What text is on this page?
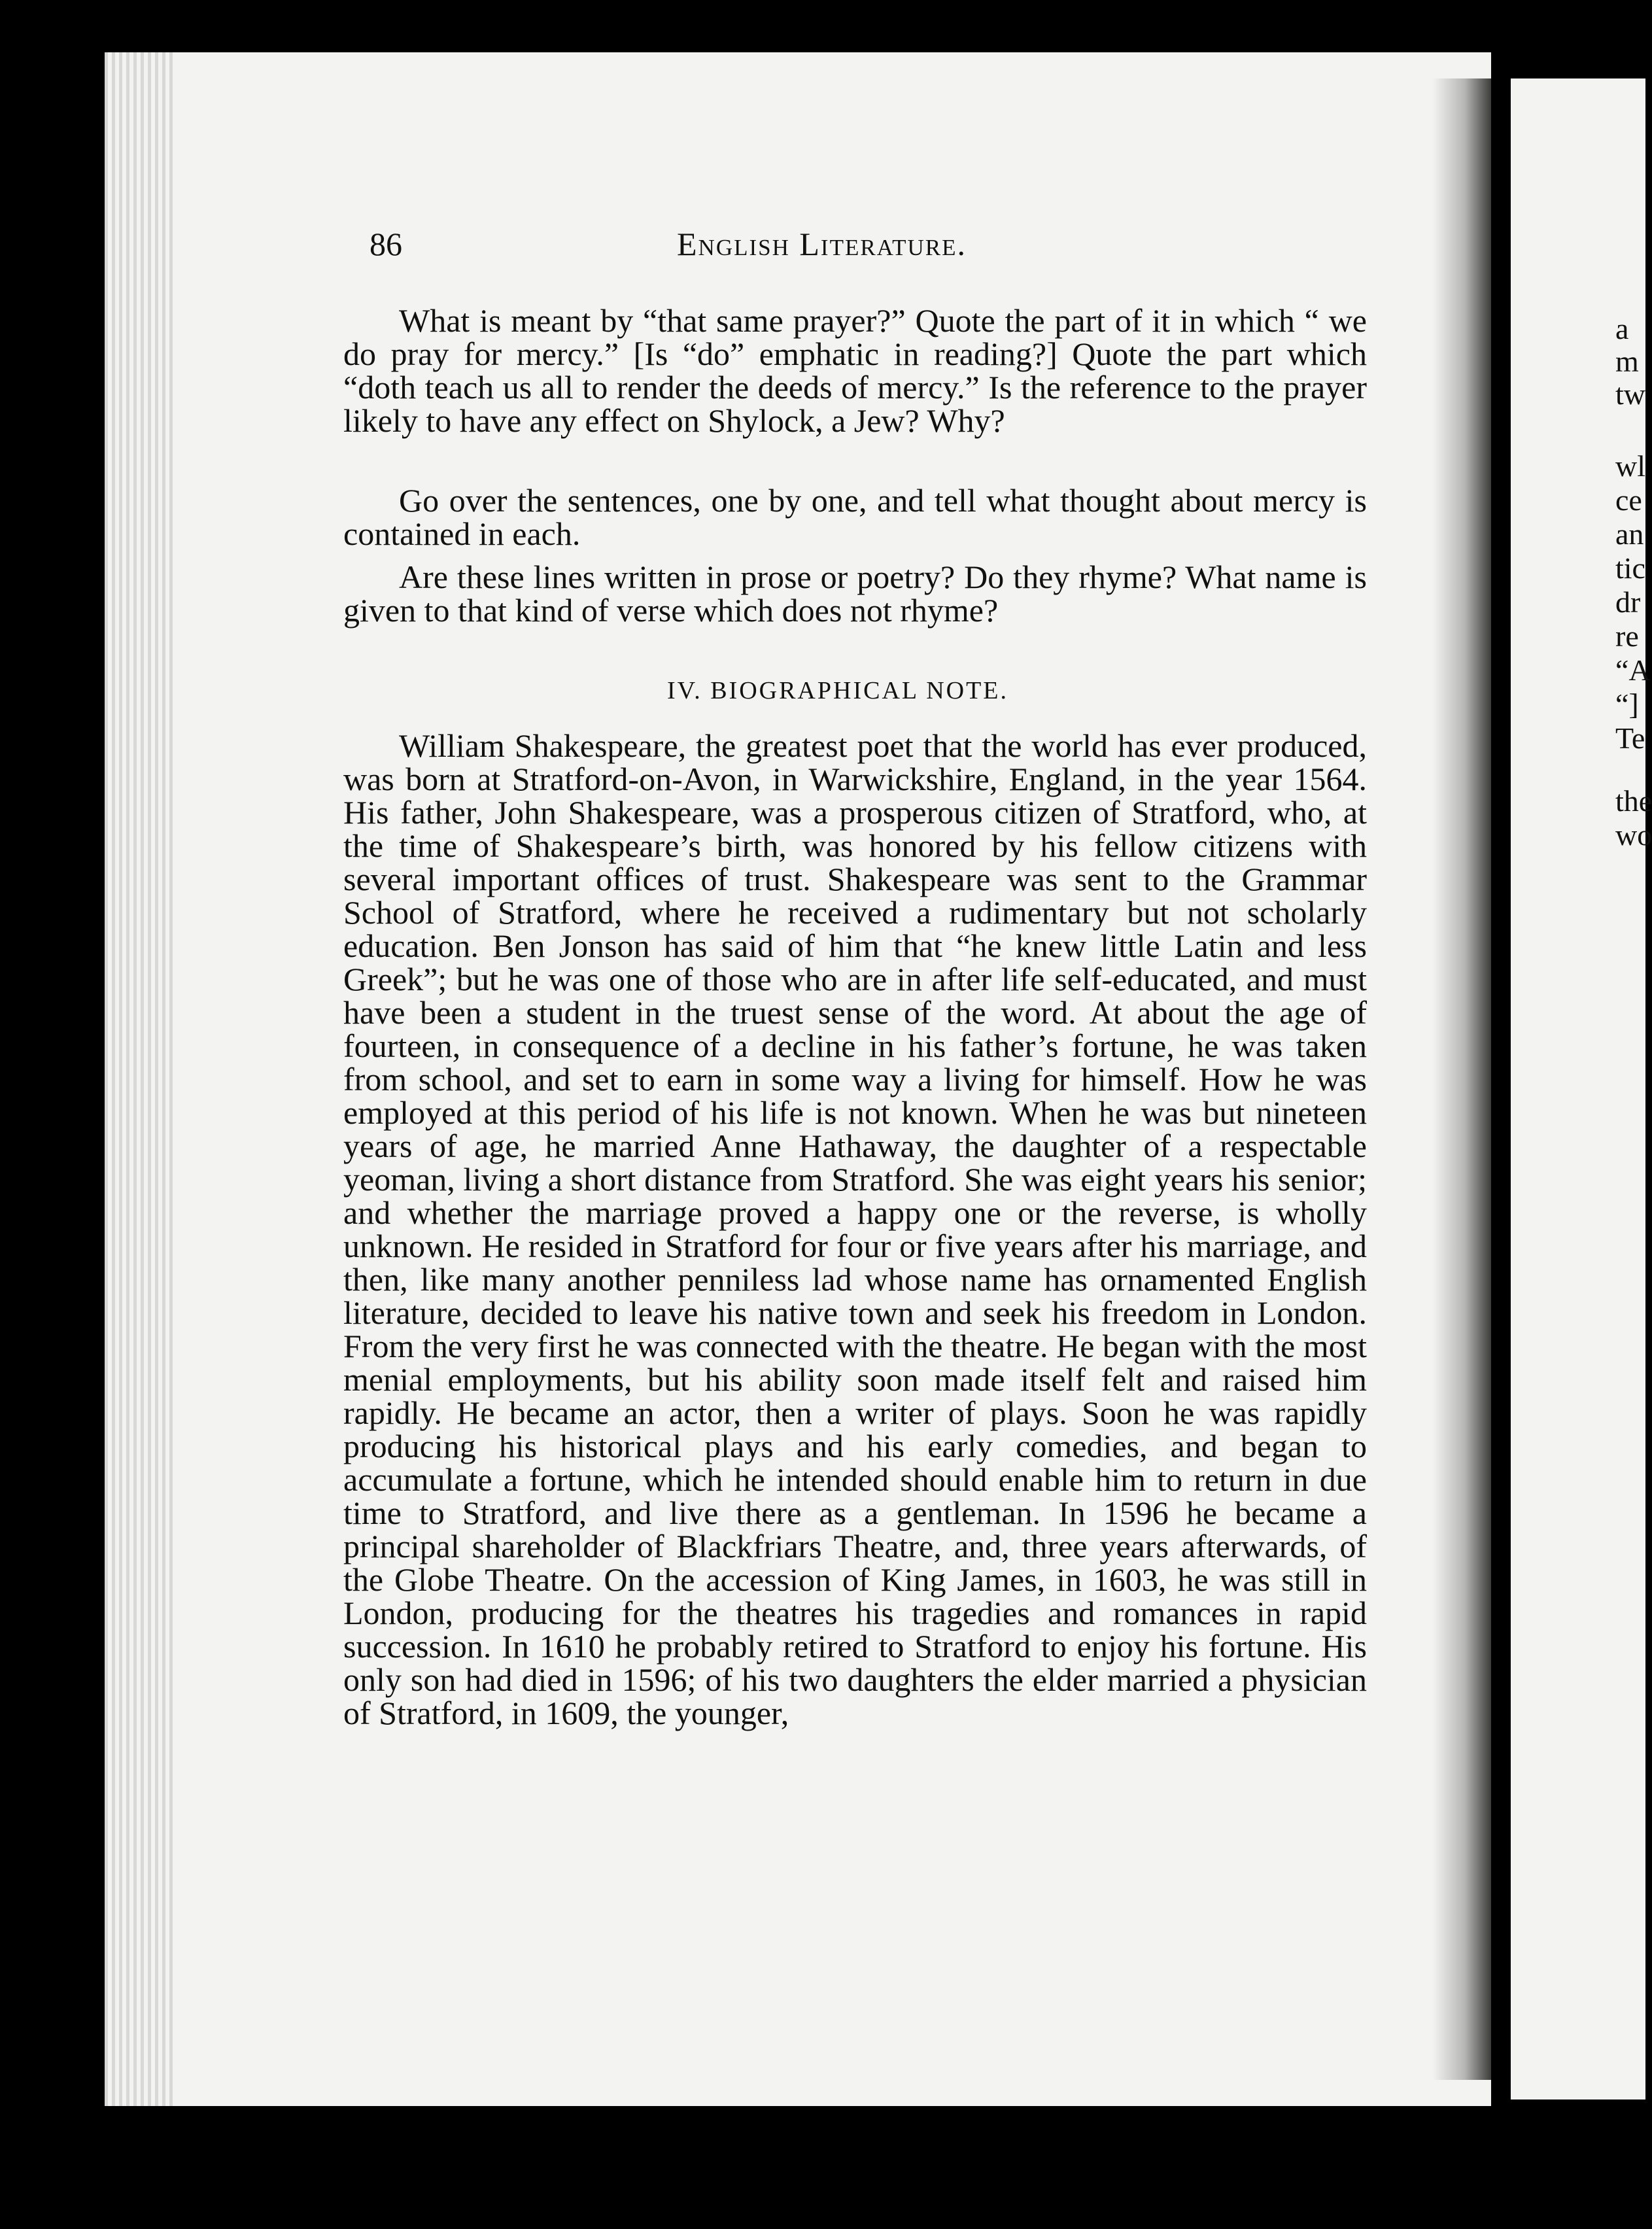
a
m
tw
wl
ce
an
tic
dr
re
“A
“]
Te
the
wo
86	English Literature.
What is meant by “that same prayer?” Quote the part of it in which “ we do pray for mercy.” [Is “do” emphatic in reading?] Quote the part which “doth teach us all to render the deeds of mercy.” Is the reference to the prayer likely to have any effect on Shylock, a Jew? Why?
Go over the sentences, one by one, and tell what thought about mercy is contained in each.
Are these lines written in prose or poetry? Do they rhyme? What name is given to that kind of verse which does not rhyme?
IV. BIOGRAPHICAL NOTE.
William Shakespeare, the greatest poet that the world has ever produced, was born at Stratford-on-Avon, in Warwickshire, England, in the year 1564. His father, John Shakespeare, was a prosperous citizen of Stratford, who, at the time of Shakespeare’s birth, was honored by his fellow citizens with several important offices of trust. Shakespeare was sent to the Grammar School of Stratford, where he received a rudimentary but not scholarly education. Ben Jonson has said of him that “he knew little Latin and less Greek”; but he was one of those who are in after life self-educated, and must have been a student in the truest sense of the word. At about the age of fourteen, in consequence of a decline in his father’s fortune, he was taken from school, and set to earn in some way a living for himself. How he was employed at this period of his life is not known. When he was but nineteen years of age, he married Anne Hathaway, the daughter of a respectable yeoman, living a short distance from Stratford. She was eight years his senior; and whether the marriage proved a happy one or the reverse, is wholly unknown. He resided in Stratford for four or five years after his marriage, and then, like many another penniless lad whose name has ornamented English literature, decided to leave his native town and seek his freedom in London. From the very first he was connected with the theatre. He began with the most menial employments, but his ability soon made itself felt and raised him rapidly. He became an actor, then a writer of plays. Soon he was rapidly producing his historical plays and his early comedies, and began to accumulate a fortune, which he intended should enable him to return in due time to Stratford, and live there as a gentleman. In 1596 he became a principal shareholder of Blackfriars Theatre, and, three years afterwards, of the Globe Theatre. On the accession of King James, in 1603, he was still in London, producing for the theatres his tragedies and romances in rapid succession. In 1610 he probably retired to Stratford to enjoy his fortune. His only son had died in 1596; of his two daughters the elder married a physician of Stratford, in 1609, the younger,
